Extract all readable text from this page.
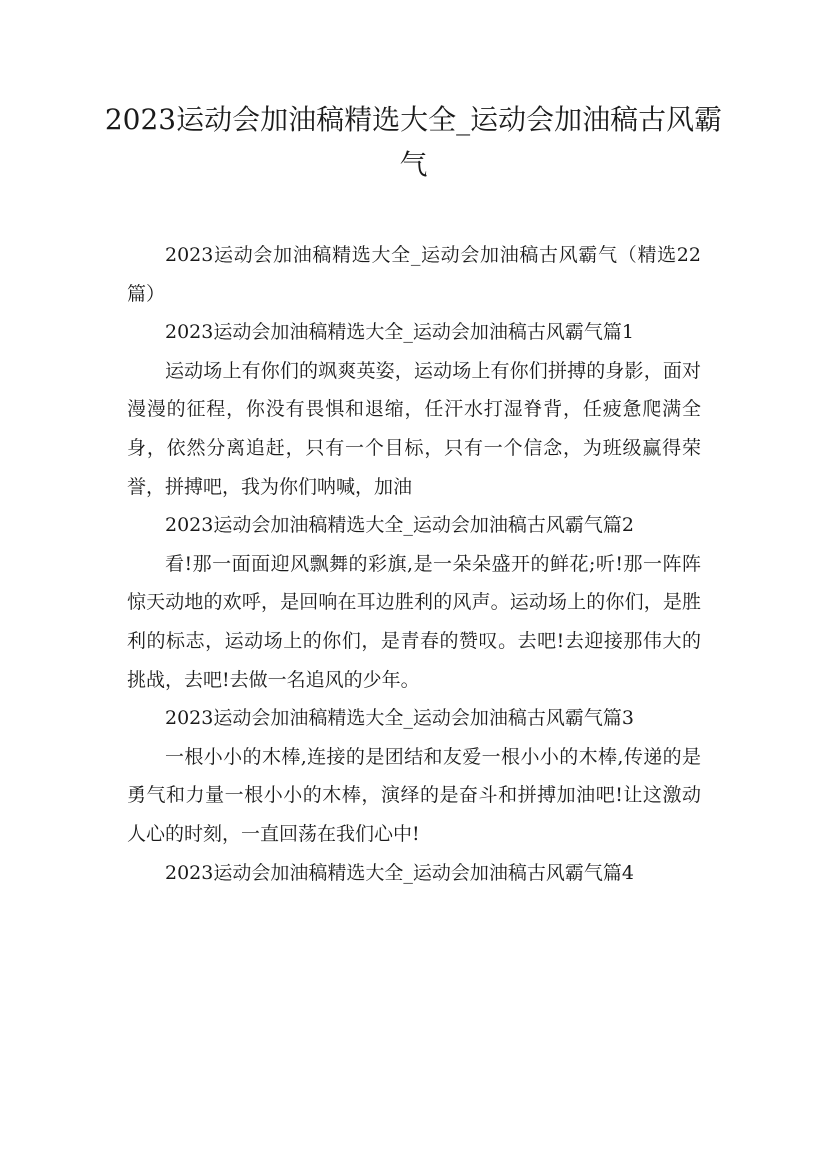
2023运动会加油稿精选大全_运动会加油稿古风霸气

2023运动会加油稿精选大全_运动会加油稿古风霸气（精选22篇）

2023运动会加油稿精选大全_运动会加油稿古风霸气篇1

运动场上有你们的飒爽英姿，运动场上有你们拼搏的身影，面对漫漫的征程，你没有畏惧和退缩，任汗水打湿脊背，任疲惫爬满全身，依然分离追赶，只有一个目标，只有一个信念，为班级赢得荣誉，拼搏吧，我为你们呐喊，加油

2023运动会加油稿精选大全_运动会加油稿古风霸气篇2

看!那一面面迎风飘舞的彩旗,是一朵朵盛开的鲜花;听!那一阵阵惊天动地的欢呼，是回响在耳边胜利的风声。运动场上的你们，是胜利的标志，运动场上的你们，是青春的赞叹。去吧!去迎接那伟大的挑战，去吧!去做一名追风的少年。

2023运动会加油稿精选大全_运动会加油稿古风霸气篇3

一根小小的木棒,连接的是团结和友爱一根小小的木棒,传递的是勇气和力量一根小小的木棒，演绎的是奋斗和拼搏加油吧!让这激动人心的时刻，一直回荡在我们心中!

2023运动会加油稿精选大全_运动会加油稿古风霸气篇4
